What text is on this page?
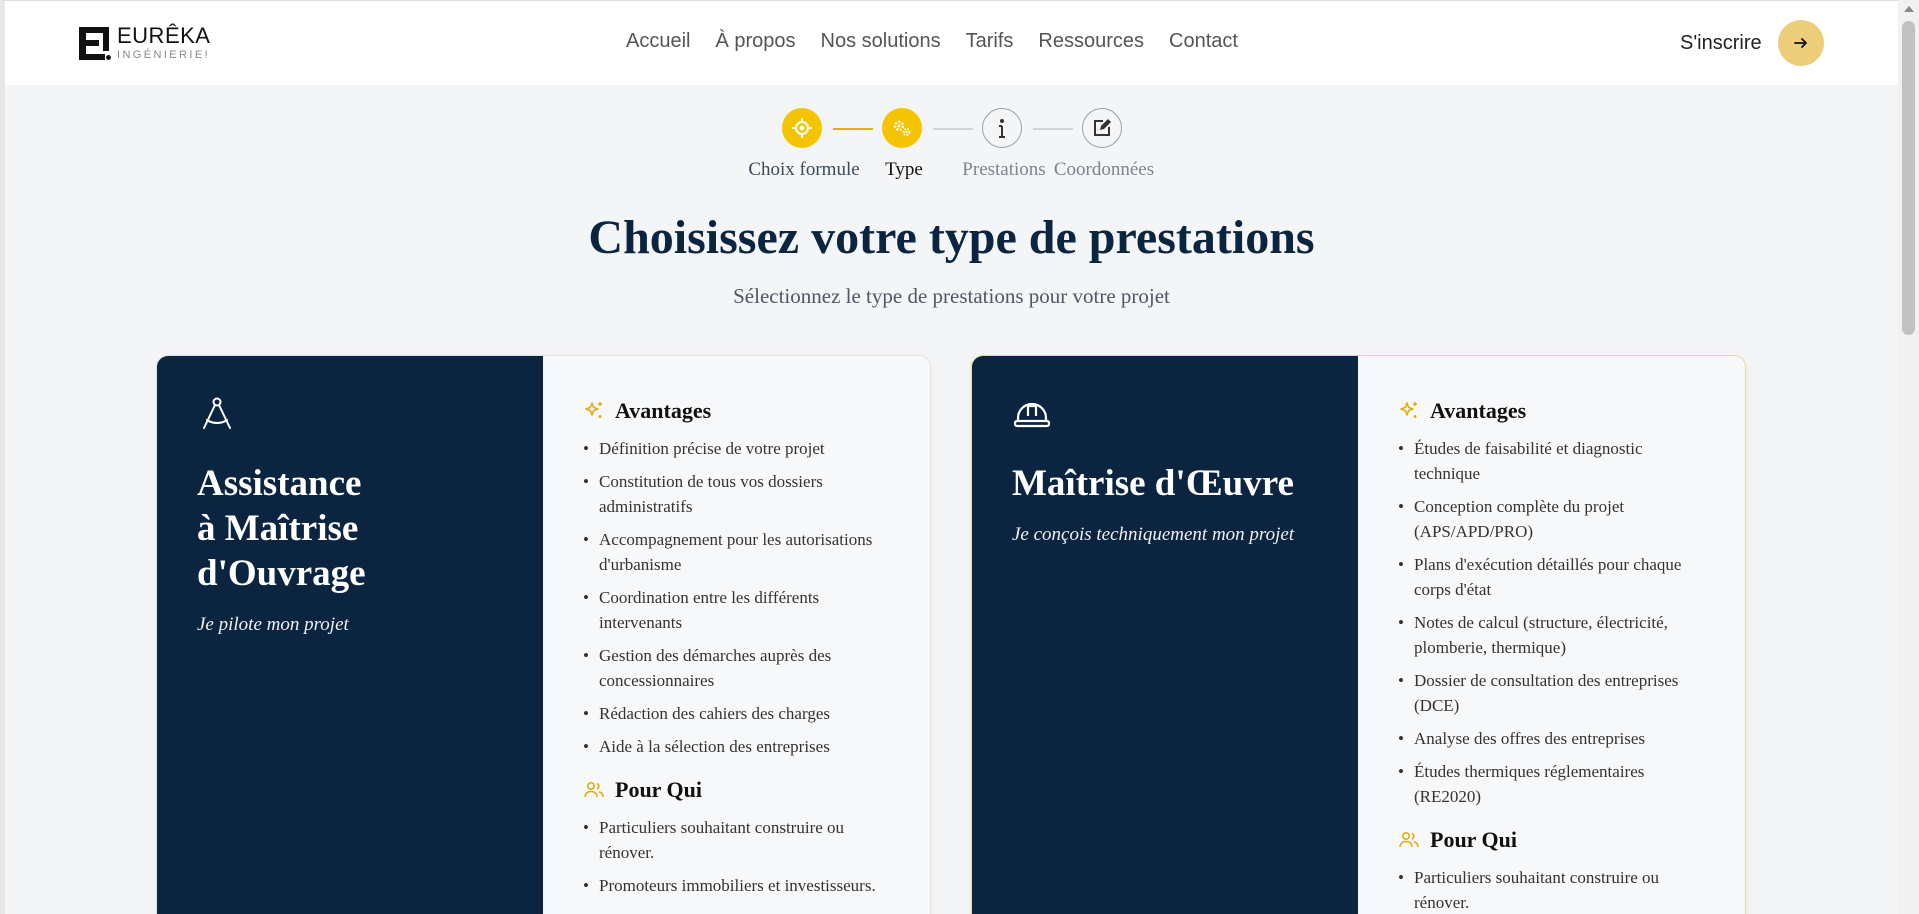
EURÊKA
INGÉNIERIE!
Accueil À propos Nos solutions Tarifs Ressources Contact	S'inscrire
Choix formule Type Prestations Coordonnées
Choisissez votre type de prestations

Sélectionnez le type de prestations pour votre projet

Assistance
à Maîtrise
d'Ouvrage

Je pilote mon projet

Avantages
• Définition précise de votre projet
• Constitution de tous vos dossiers administratifs
• Accompagnement pour les autorisations d'urbanisme
• Coordination entre les différents intervenants
• Gestion des démarches auprès des concessionnaires
• Rédaction des cahiers des charges
• Aide à la sélection des entreprises
Pour Qui
• Particuliers souhaitant construire ou rénover.
• Promoteurs immobiliers et investisseurs.
Maîtrise d'Œuvre

Je conçois techniquement mon projet

Avantages
• Études de faisabilité et diagnostic technique
• Conception complète du projet (APS/APD/PRO)
• Plans d'exécution détaillés pour chaque corps d'état
• Notes de calcul (structure, électricité, plomberie, thermique)
• Dossier de consultation des entreprises (DCE)
• Analyse des offres des entreprises
• Études thermiques réglementaires (RE2020)
Pour Qui
• Particuliers souhaitant construire ou rénover.
